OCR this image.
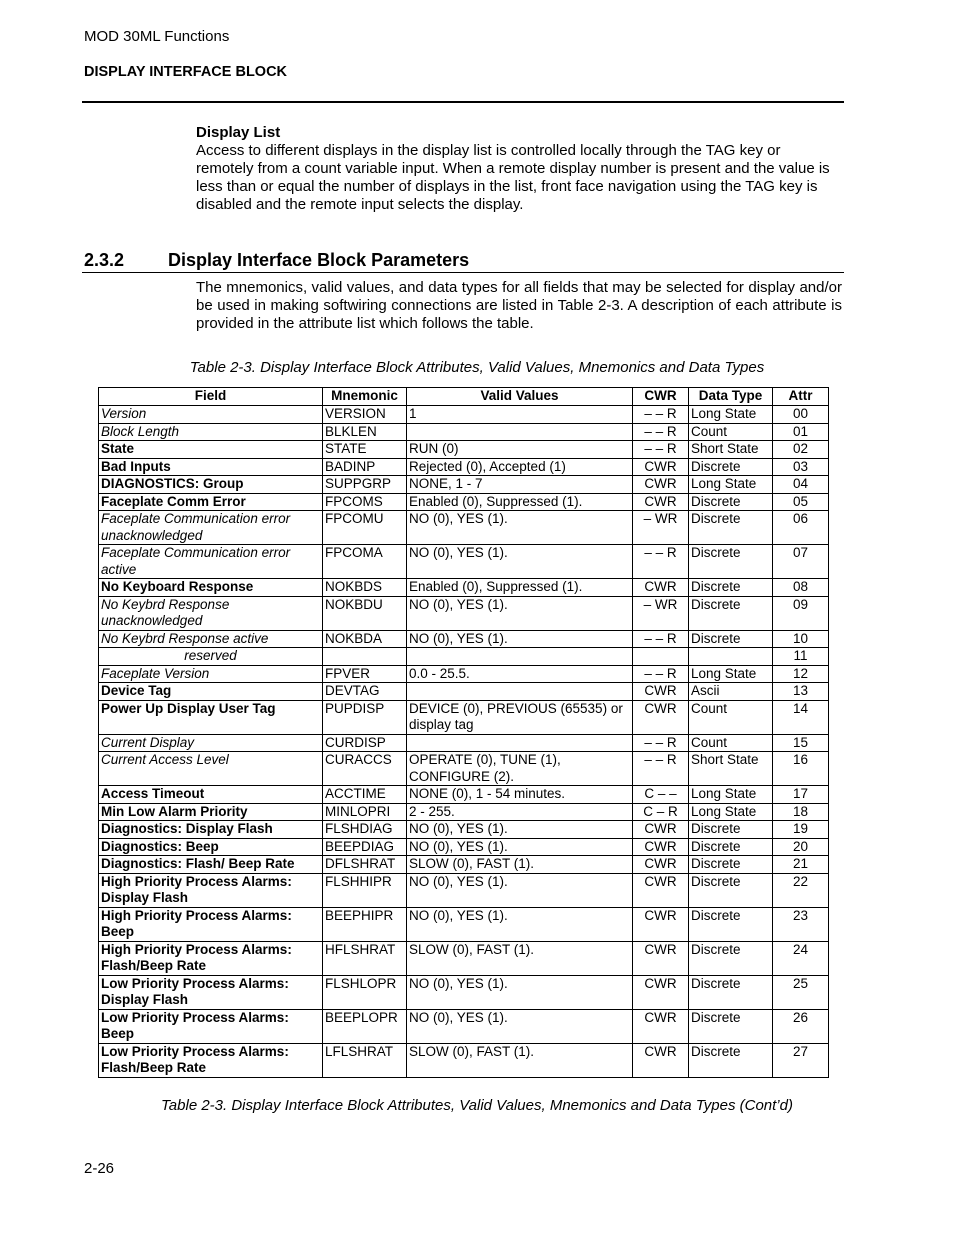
MOD 30ML Functions
DISPLAY INTERFACE BLOCK
Display List
Access to different displays in the display list is controlled locally through the TAG key or remotely from a count variable input. When a remote display number is present and the value is less than or equal the number of displays in the list, front face navigation using the TAG key is disabled and the remote input selects the display.
2.3.2 Display Interface Block Parameters
The mnemonics, valid values, and data types for all fields that may be selected for display and/or be used in making softwiring connections are listed in Table 2-3. A description of each attribute is provided in the attribute list which follows the table.
Table 2-3. Display Interface Block Attributes, Valid Values, Mnemonics and Data Types
Field	Mnemonic	Valid Values	CWR	Data Type	Attr
Version	VERSION	1	– – R	Long State	00
Block Length	BLKLEN		– – R	Count	01
State	STATE	RUN (0)	– – R	Short State	02
Bad Inputs	BADINP	Rejected (0), Accepted (1)	CWR	Discrete	03
DIAGNOSTICS: Group	SUPPGRP	NONE, 1 - 7	CWR	Long State	04
Faceplate Comm Error	FPCOMS	Enabled (0), Suppressed (1).	CWR	Discrete	05
Faceplate Communication error unacknowledged	FPCOMU	NO (0), YES (1).	– WR	Discrete	06
Faceplate Communication error active	FPCOMA	NO (0), YES (1).	– – R	Discrete	07
No Keyboard Response	NOKBDS	Enabled (0), Suppressed (1).	CWR	Discrete	08
No Keybrd Response unacknowledged	NOKBDU	NO (0), YES (1).	– WR	Discrete	09
No Keybrd Response active	NOKBDA	NO (0), YES (1).	– – R	Discrete	10
reserved					11
Faceplate Version	FPVER	0.0 - 25.5.	– – R	Long State	12
Device Tag	DEVTAG		CWR	Ascii	13
Power Up Display User Tag	PUPDISP	DEVICE (0), PREVIOUS (65535) or display tag	CWR	Count	14
Current Display	CURDISP		– – R	Count	15
Current Access Level	CURACCS	OPERATE (0), TUNE (1), CONFIGURE (2).	– – R	Short State	16
Access Timeout	ACCTIME	NONE (0), 1 - 54 minutes.	C – –	Long State	17
Min Low Alarm Priority	MINLOPRI	2 - 255.	C – R	Long State	18
Diagnostics: Display Flash	FLSHDIAG	NO (0), YES (1).	CWR	Discrete	19
Diagnostics: Beep	BEEPDIAG	NO (0), YES (1).	CWR	Discrete	20
Diagnostics: Flash/ Beep Rate	DFLSHRAT	SLOW (0), FAST (1).	CWR	Discrete	21
High Priority Process Alarms: Display Flash	FLSHHIPR	NO (0), YES (1).	CWR	Discrete	22
High Priority Process Alarms: Beep	BEEPHIPR	NO (0), YES (1).	CWR	Discrete	23
High Priority Process Alarms: Flash/Beep Rate	HFLSHRAT	SLOW (0), FAST (1).	CWR	Discrete	24
Low Priority Process Alarms: Display Flash	FLSHLOPR	NO (0), YES (1).	CWR	Discrete	25
Low Priority Process Alarms: Beep	BEEPLOPR	NO (0), YES (1).	CWR	Discrete	26
Low Priority Process Alarms: Flash/Beep Rate	LFLSHRAT	SLOW (0), FAST (1).	CWR	Discrete	27
Table 2-3. Display Interface Block Attributes, Valid Values, Mnemonics and Data Types (Cont’d)
2-26
